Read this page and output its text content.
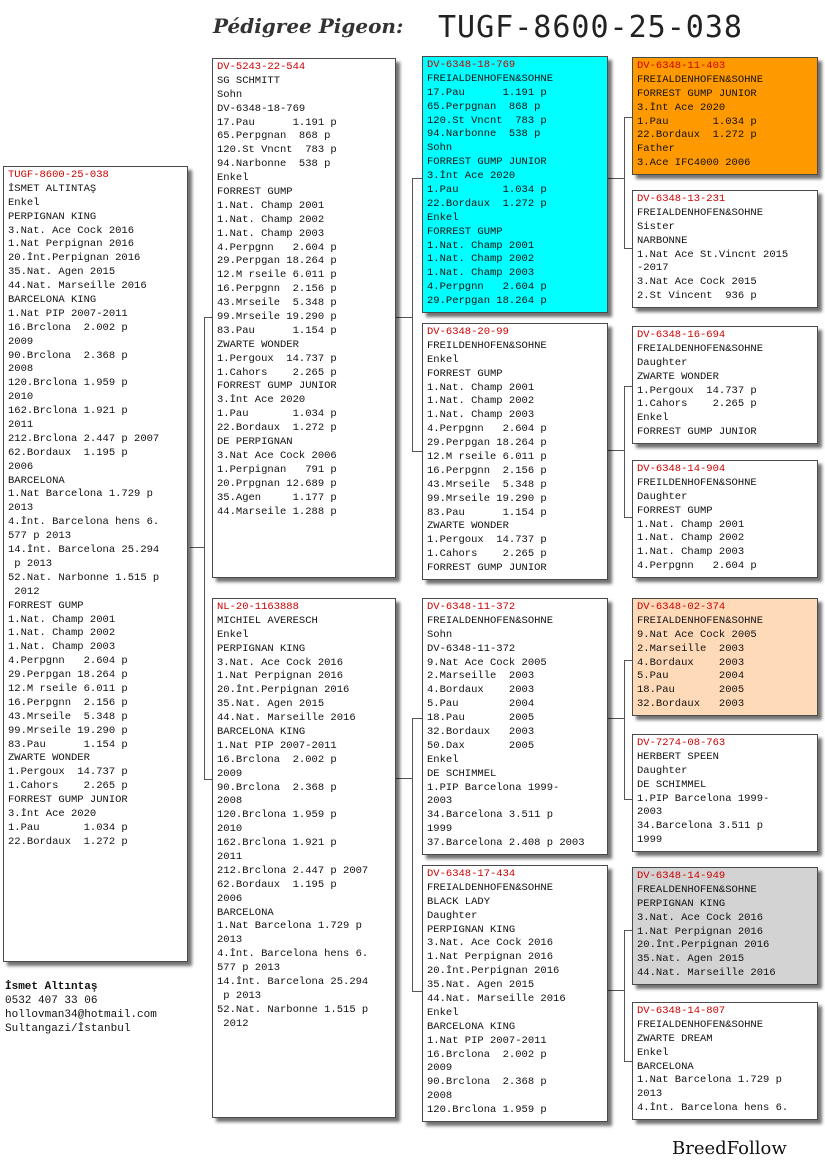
Pédigree Pigeon: TUGF-8600-25-038
TUGF-8600-25-038
İSMET ALTINTAŞ
Enkel
PERPIGNAN KING
3.Nat. Ace Cock 2016
1.Nat Perpignan 2016
20.İnt.Perpignan 2016
35.Nat. Agen 2015
44.Nat. Marseille 2016
BARCELONA KING
1.Nat PIP 2007-2011
16.Brclona  2.002 p
2009
90.Brclona  2.368 p
2008
120.Brclona 1.959 p
2010
162.Brclona 1.921 p
2011
212.Brclona 2.447 p 2007
62.Bordaux  1.195 p
2006
BARCELONA
1.Nat Barcelona 1.729 p
2013
4.İnt. Barcelona hens 6.
577 p 2013
14.İnt. Barcelona 25.294
p 2013
52.Nat. Narbonne 1.515 p
2012
FORREST GUMP
1.Nat. Champ 2001
1.Nat. Champ 2002
1.Nat. Champ 2003
4.Perpgnn   2.604 p
29.Perpgan 18.264 p
12.M rseile 6.011 p
16.Perpgnn  2.156 p
43.Mrseile  5.348 p
99.Mrseile 19.290 p
83.Pau      1.154 p
ZWARTE WONDER
1.Pergoux  14.737 p
1.Cahors    2.265 p
FORREST GUMP JUNIOR
3.İnt Ace 2020
1.Pau       1.034 p
22.Bordaux  1.272 p
DV-5243-22-544
SG SCHMITT
Sohn
DV-6348-18-769
17.Pau      1.191 p
65.Perpgnan  868 p
120.St Vncnt  783 p
94.Narbonne  538 p
Enkel
FORREST GUMP
1.Nat. Champ 2001
1.Nat. Champ 2002
1.Nat. Champ 2003
4.Perpgnn   2.604 p
29.Perpgan 18.264 p
12.M rseile 6.011 p
16.Perpgnn  2.156 p
43.Mrseile  5.348 p
99.Mrseile 19.290 p
83.Pau      1.154 p
ZWARTE WONDER
1.Pergoux  14.737 p
1.Cahors    2.265 p
FORREST GUMP JUNIOR
3.İnt Ace 2020
1.Pau       1.034 p
22.Bordaux  1.272 p
DE PERPIGNAN
3.Nat Ace Cock 2006
1.Perpignan   791 p
20.Prpgnan 12.689 p
35.Agen     1.177 p
44.Marseile 1.288 p
NL-20-1163888
MICHIEL AVERESCH
Enkel
PERPIGNAN KING
3.Nat. Ace Cock 2016
1.Nat Perpignan 2016
20.İnt.Perpignan 2016
35.Nat. Agen 2015
44.Nat. Marseille 2016
BARCELONA KING
1.Nat PIP 2007-2011
16.Brclona  2.002 p
2009
90.Brclona  2.368 p
2008
120.Brclona 1.959 p
2010
162.Brclona 1.921 p
2011
212.Brclona 2.447 p 2007
62.Bordaux  1.195 p
2006
BARCELONA
1.Nat Barcelona 1.729 p
2013
4.İnt. Barcelona hens 6.
577 p 2013
14.İnt. Barcelona 25.294
p 2013
52.Nat. Narbonne 1.515 p
2012
DV-6348-18-769
FREIALDENHOFEN&SOHNE
17.Pau      1.191 p
65.Perpgnan  868 p
120.St Vncnt  783 p
94.Narbonne  538 p
Sohn
FORREST GUMP JUNIOR
3.İnt Ace 2020
1.Pau       1.034 p
22.Bordaux  1.272 p
Enkel
FORREST GUMP
1.Nat. Champ 2001
1.Nat. Champ 2002
1.Nat. Champ 2003
4.Perpgnn   2.604 p
29.Perpgan 18.264 p
DV-6348-20-99
FREILDENHOFEN&SOHNE
Enkel
FORREST GUMP
1.Nat. Champ 2001
1.Nat. Champ 2002
1.Nat. Champ 2003
4.Perpgnn   2.604 p
29.Perpgan 18.264 p
12.M rseile 6.011 p
16.Perpgnn  2.156 p
43.Mrseile  5.348 p
99.Mrseile 19.290 p
83.Pau      1.154 p
ZWARTE WONDER
1.Pergoux  14.737 p
1.Cahors    2.265 p
FORREST GUMP JUNIOR
DV-6348-11-372
FREIALDENHOFEN&SOHNE
Sohn
DV-6348-11-372
9.Nat Ace Cock 2005
2.Marseille  2003
4.Bordaux    2003
5.Pau        2004
18.Pau       2005
32.Bordaux   2003
50.Dax       2005
Enkel
DE SCHIMMEL
1.PIP Barcelona 1999-
2003
34.Barcelona 3.511 p
1999
37.Barcelona 2.408 p 2003
DV-6348-17-434
FREIALDENHOFEN&SOHNE
BLACK LADY
Daughter
PERPIGNAN KING
3.Nat. Ace Cock 2016
1.Nat Perpignan 2016
20.İnt.Perpignan 2016
35.Nat. Agen 2015
44.Nat. Marseille 2016
Enkel
BARCELONA KING
1.Nat PIP 2007-2011
16.Brclona  2.002 p
2009
90.Brclona  2.368 p
2008
120.Brclona 1.959 p
DV-6348-11-403
FREIALDENHOFEN&SOHNE
FORREST GUMP JUNIOR
3.İnt Ace 2020
1.Pau       1.034 p
22.Bordaux  1.272 p
Father
3.Ace IFC4000 2006
DV-6348-13-231
FREIALDENHOFEN&SOHNE
Sister
NARBONNE
1.Nat Ace St.Vincnt 2015
-2017
3.Nat Ace Cock 2015
2.St Vincent  936 p
DV-6348-16-694
FREIALDENHOFEN&SOHNE
Daughter
ZWARTE WONDER
1.Pergoux  14.737 p
1.Cahors    2.265 p
Enkel
FORREST GUMP JUNIOR
DV-6348-14-904
FREILDENHOFEN&SOHNE
Daughter
FORREST GUMP
1.Nat. Champ 2001
1.Nat. Champ 2002
1.Nat. Champ 2003
4.Perpgnn   2.604 p
DV-6348-02-374
FREIALDENHOFEN&SOHNE
9.Nat Ace Cock 2005
2.Marseille  2003
4.Bordaux    2003
5.Pau        2004
18.Pau       2005
32.Bordaux   2003
DV-7274-08-763
HERBERT SPEEN
Daughter
DE SCHIMMEL
1.PIP Barcelona 1999-
2003
34.Barcelona 3.511 p
1999
DV-6348-14-949
FREALDENHOFEN&SOHNE
PERPIGNAN KING
3.Nat. Ace Cock 2016
1.Nat Perpignan 2016
20.İnt.Perpignan 2016
35.Nat. Agen 2015
44.Nat. Marseille 2016
DV-6348-14-807
FREIALDENHOFEN&SOHNE
ZWARTE DREAM
Enkel
BARCELONA
1.Nat Barcelona 1.729 p
2013
4.İnt. Barcelona hens 6.
İsmet Altıntaş
0532 407 33 06
hollovman34@hotmail.com
Sultangazi/İstanbul
BreedFollow
